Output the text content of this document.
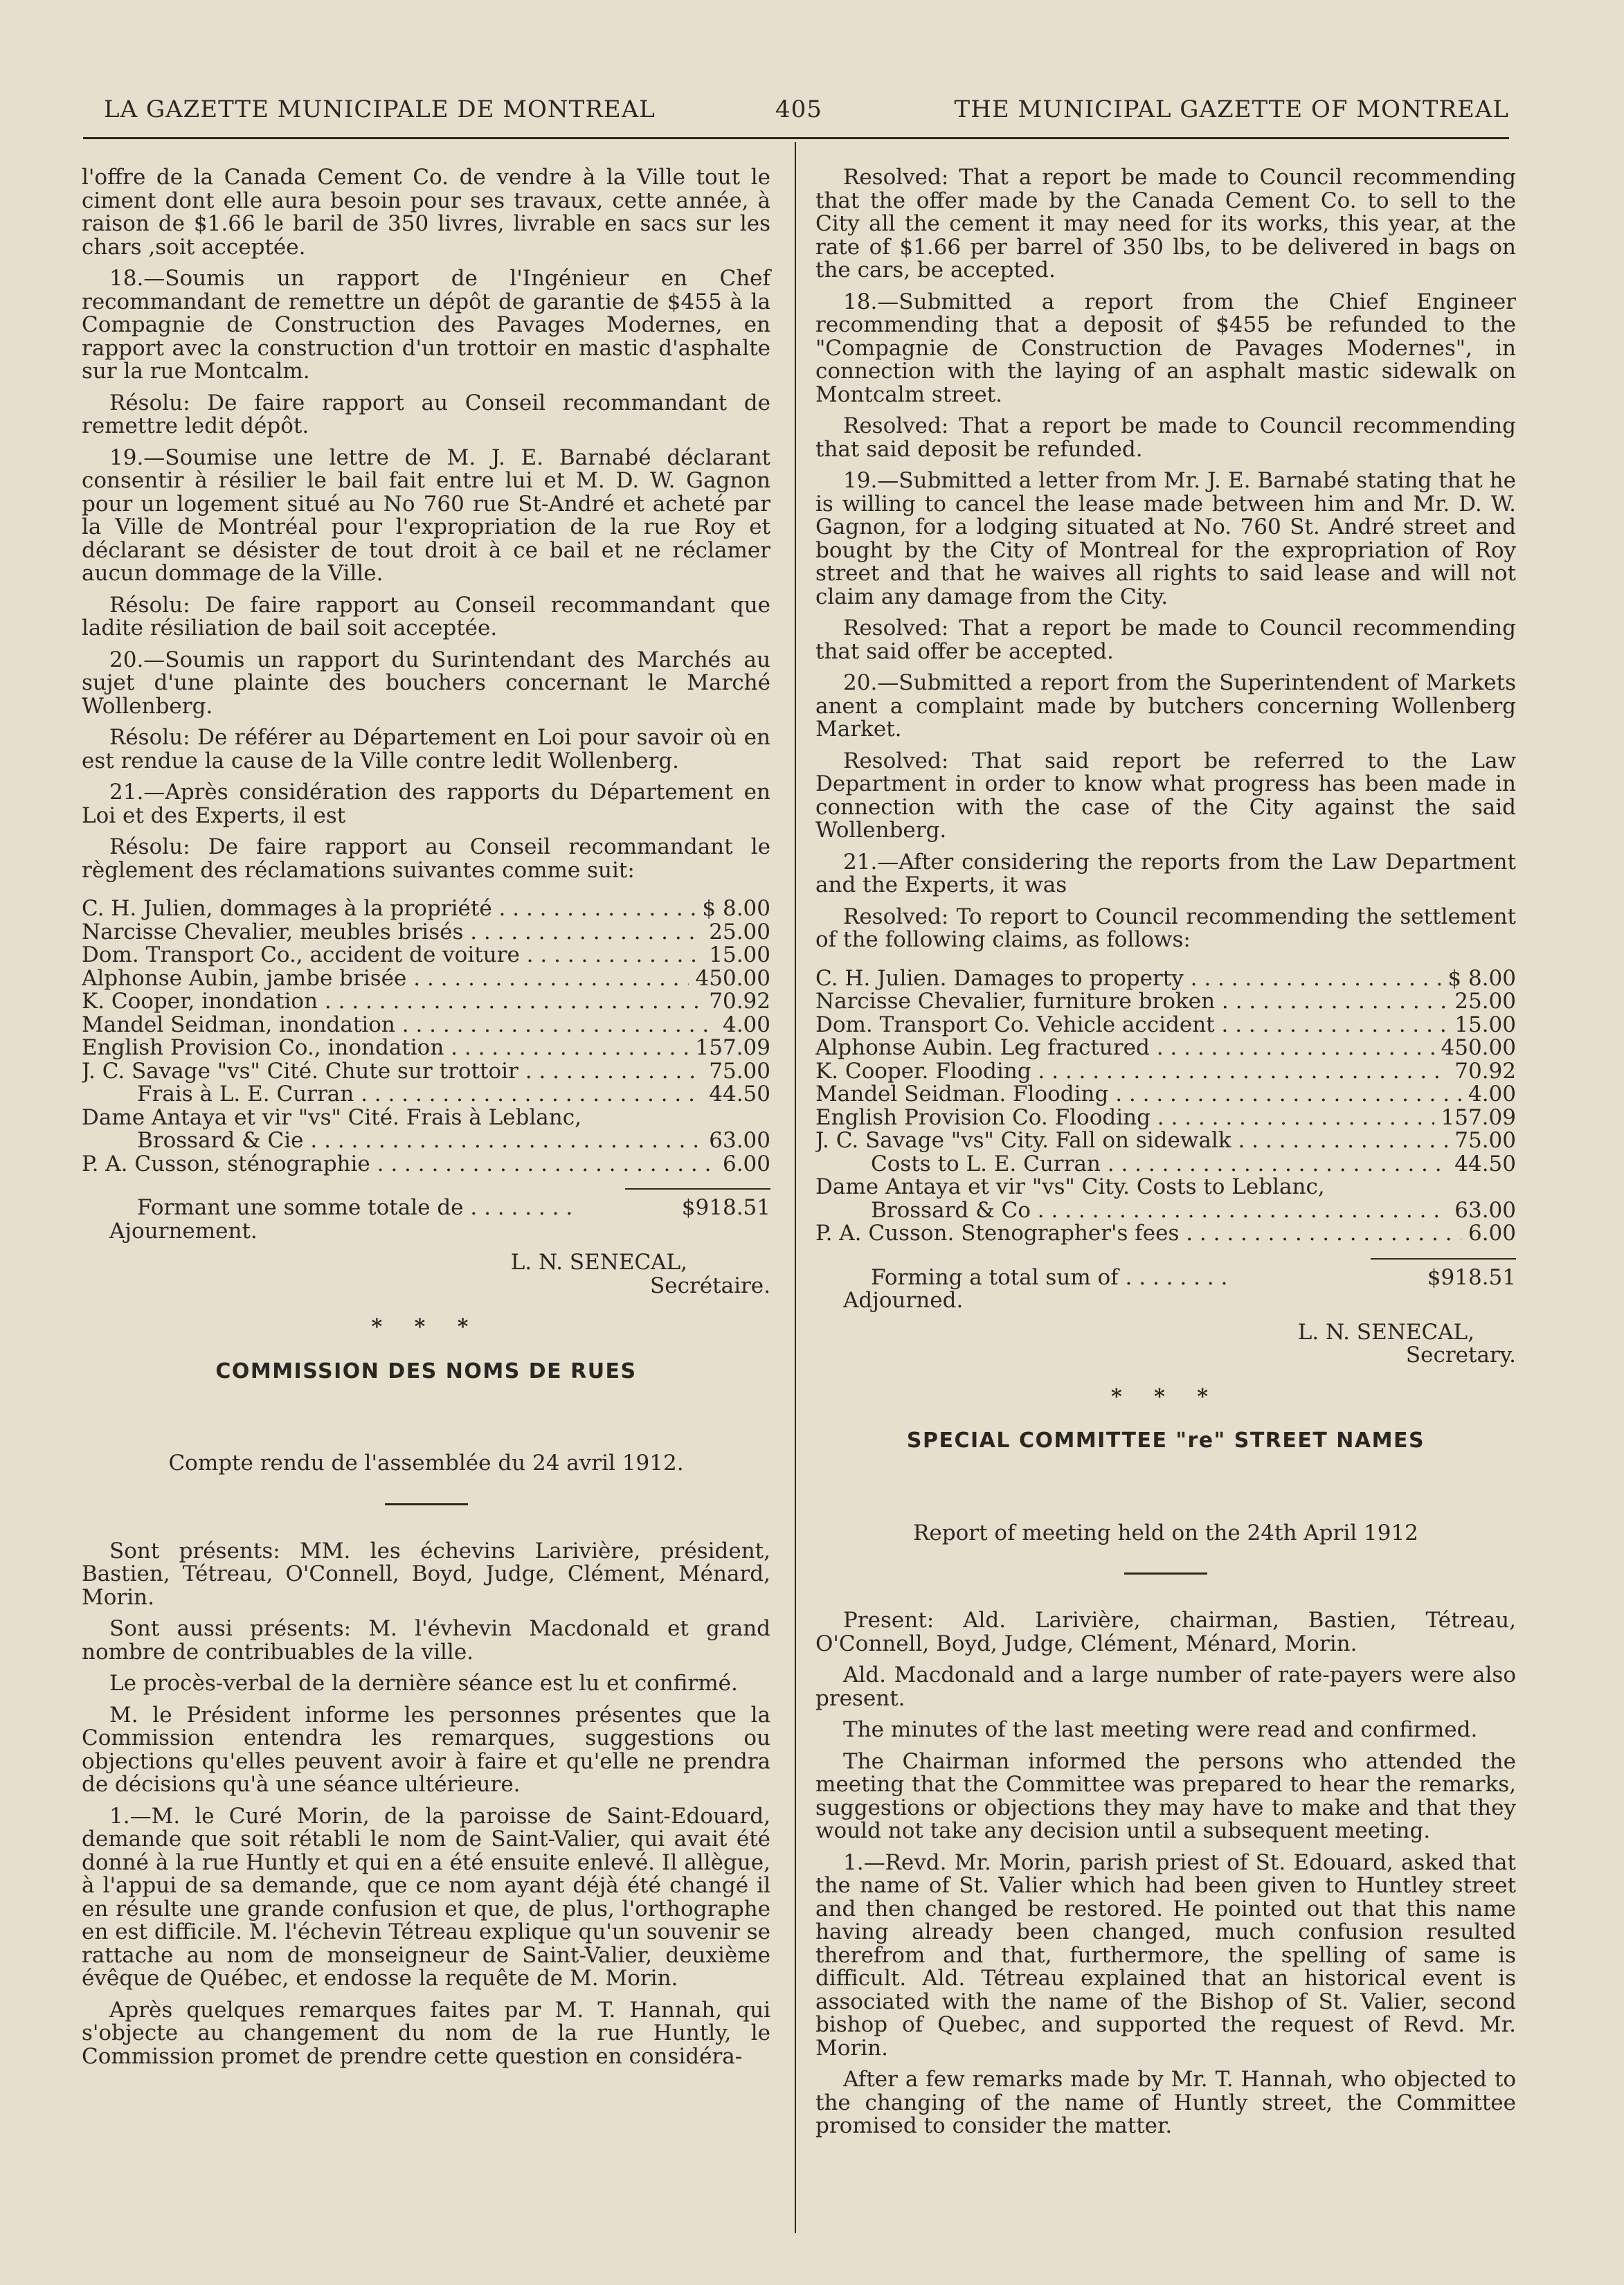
LA GAZETTE MUNICIPALE DE MONTREAL	405	THE MUNICIPAL GAZETTE OF MONTREAL

l'offre de la Canada Cement Co. de vendre à la Ville tout le ciment dont elle aura besoin pour ses travaux, cette année, à raison de $1.66 le baril de 350 livres, livrable en sacs sur les chars ,soit acceptée.

18.—Soumis un rapport de l'Ingénieur en Chef recommandant de remettre un dépôt de garantie de $455 à la Compagnie de Construction des Pavages Modernes, en rapport avec la construction d'un trottoir en mastic d'asphalte sur la rue Montcalm.

Résolu: De faire rapport au Conseil recommandant de remettre ledit dépôt.

19.—Soumise une lettre de M. J. E. Barnabé déclarant consentir à résilier le bail fait entre lui et M. D. W. Gagnon pour un logement situé au No 760 rue St-André et acheté par la Ville de Montréal pour l'expropriation de la rue Roy et déclarant se désister de tout droit à ce bail et ne réclamer aucun dommage de la Ville.

Résolu: De faire rapport au Conseil recommandant que ladite résiliation de bail soit acceptée.

20.—Soumis un rapport du Surintendant des Marchés au sujet d'une plainte des bouchers concernant le Marché Wollenberg.

Résolu: De référer au Département en Loi pour savoir où en est rendue la cause de la Ville contre ledit Wollenberg.

21.—Après considération des rapports du Département en Loi et des Experts, il est

Résolu: De faire rapport au Conseil recommandant le règlement des réclamations suivantes comme suit:

C. H. Julien, dommages à la propriété . . .	$ 8.00
Narcisse Chevalier, meubles brisés . . .	25.00
Dom. Transport Co., accident de voiture . . .	15.00
Alphonse Aubin, jambe brisée . . .	450.00
K. Cooper, inondation . . .	70.92
Mandel Seidman, inondation . . .	4.00
English Provision Co., inondation . . .	157.09
J. C. Savage "vs" Cité. Chute sur trottoir . . .	75.00
Frais à L. E. Curran . . .	44.50
Dame Antaya et vir "vs" Cité. Frais à Leblanc,
Brossard & Cie . . .	63.00
P. A. Cusson, sténographie . . .	6.00
Formant une somme totale de . . .	$918.51

Ajournement.

L. N. SENECAL,
Secrétaire.
* * *
COMMISSION DES NOMS DE RUES
Compte rendu de l'assemblée du 24 avril 1912.

Sont présents: MM. les échevins Larivière, président, Bastien, Tétreau, O'Connell, Boyd, Judge, Clément, Ménard, Morin.

Sont aussi présents: M. l'évhevin Macdonald et grand nombre de contribuables de la ville.

Le procès-verbal de la dernière séance est lu et confirmé.

M. le Président informe les personnes présentes que la Commission entendra les remarques, suggestions ou objections qu'elles peuvent avoir à faire et qu'elle ne prendra de décisions qu'à une séance ultérieure.

1.—M. le Curé Morin, de la paroisse de Saint-Edouard, demande que soit rétabli le nom de Saint-Valier, qui avait été donné à la rue Huntly et qui en a été ensuite enlevé. Il allègue, à l'appui de sa demande, que ce nom ayant déjà été changé il en résulte une grande confusion et que, de plus, l'orthographe en est difficile. M. l'échevin Tétreau explique qu'un souvenir se rattache au nom de monseigneur de Saint-Valier, deuxième évêque de Québec, et endosse la requête de M. Morin.

Après quelques remarques faites par M. T. Hannah, qui s'objecte au changement du nom de la rue Huntly, le Commission promet de prendre cette question en considéra-

Resolved: That a report be made to Council recommending that the offer made by the Canada Cement Co. to sell to the City all the cement it may need for its works, this year, at the rate of $1.66 per barrel of 350 lbs, to be delivered in bags on the cars, be accepted.

18.—Submitted a report from the Chief Engineer recommending that a deposit of $455 be refunded to the "Compagnie de Construction de Pavages Modernes", in connection with the laying of an asphalt mastic sidewalk on Montcalm street.

Resolved: That a report be made to Council recommending that said deposit be refunded.

19.—Submitted a letter from Mr. J. E. Barnabé stating that he is willing to cancel the lease made between him and Mr. D. W. Gagnon, for a lodging situated at No. 760 St. André street and bought by the City of Montreal for the expropriation of Roy street and that he waives all rights to said lease and will not claim any damage from the City.

Resolved: That a report be made to Council recommending that said offer be accepted.

20.—Submitted a report from the Superintendent of Markets anent a complaint made by butchers concerning Wollenberg Market.

Resolved: That said report be referred to the Law Department in order to know what progress has been made in connection with the case of the City against the said Wollenberg.

21.—After considering the reports from the Law Department and the Experts, it was

Resolved: To report to Council recommending the settlement of the following claims, as follows:

C. H. Julien. Damages to property . . .	$ 8.00
Narcisse Chevalier, furniture broken . . .	25.00
Dom. Transport Co. Vehicle accident . . .	15.00
Alphonse Aubin. Leg fractured . . .	450.00
K. Cooper. Flooding . . .	70.92
Mandel Seidman. Flooding . . .	4.00
English Provision Co. Flooding . . .	157.09
J. C. Savage "vs" City. Fall on sidewalk . . .	75.00
Costs to L. E. Curran . . .	44.50
Dame Antaya et vir "vs" City. Costs to Leblanc,
Brossard & Co . . .	63.00
P. A. Cusson. Stenographer's fees . . .	6.00
Forming a total sum of . . .	$918.51

Adjourned.

L. N. SENECAL,
Secretary.
* * *
SPECIAL COMMITTEE "re" STREET NAMES
Report of meeting held on the 24th April 1912

Present: Ald. Larivière, chairman, Bastien, Tétreau, O'Connell, Boyd, Judge, Clément, Ménard, Morin.

Ald. Macdonald and a large number of rate-payers were also present.

The minutes of the last meeting were read and confirmed.

The Chairman informed the persons who attended the meeting that the Committee was prepared to hear the remarks, suggestions or objections they may have to make and that they would not take any decision until a subsequent meeting.

1.—Revd. Mr. Morin, parish priest of St. Edouard, asked that the name of St. Valier which had been given to Huntley street and then changed be restored. He pointed out that this name having already been changed, much confusion resulted therefrom and that, furthermore, the spelling of same is difficult. Ald. Tétreau explained that an historical event is associated with the name of the Bishop of St. Valier, second bishop of Quebec, and supported the request of Revd. Mr. Morin.

After a few remarks made by Mr. T. Hannah, who objected to the changing of the name of Huntly street, the Committee promised to consider the matter.
